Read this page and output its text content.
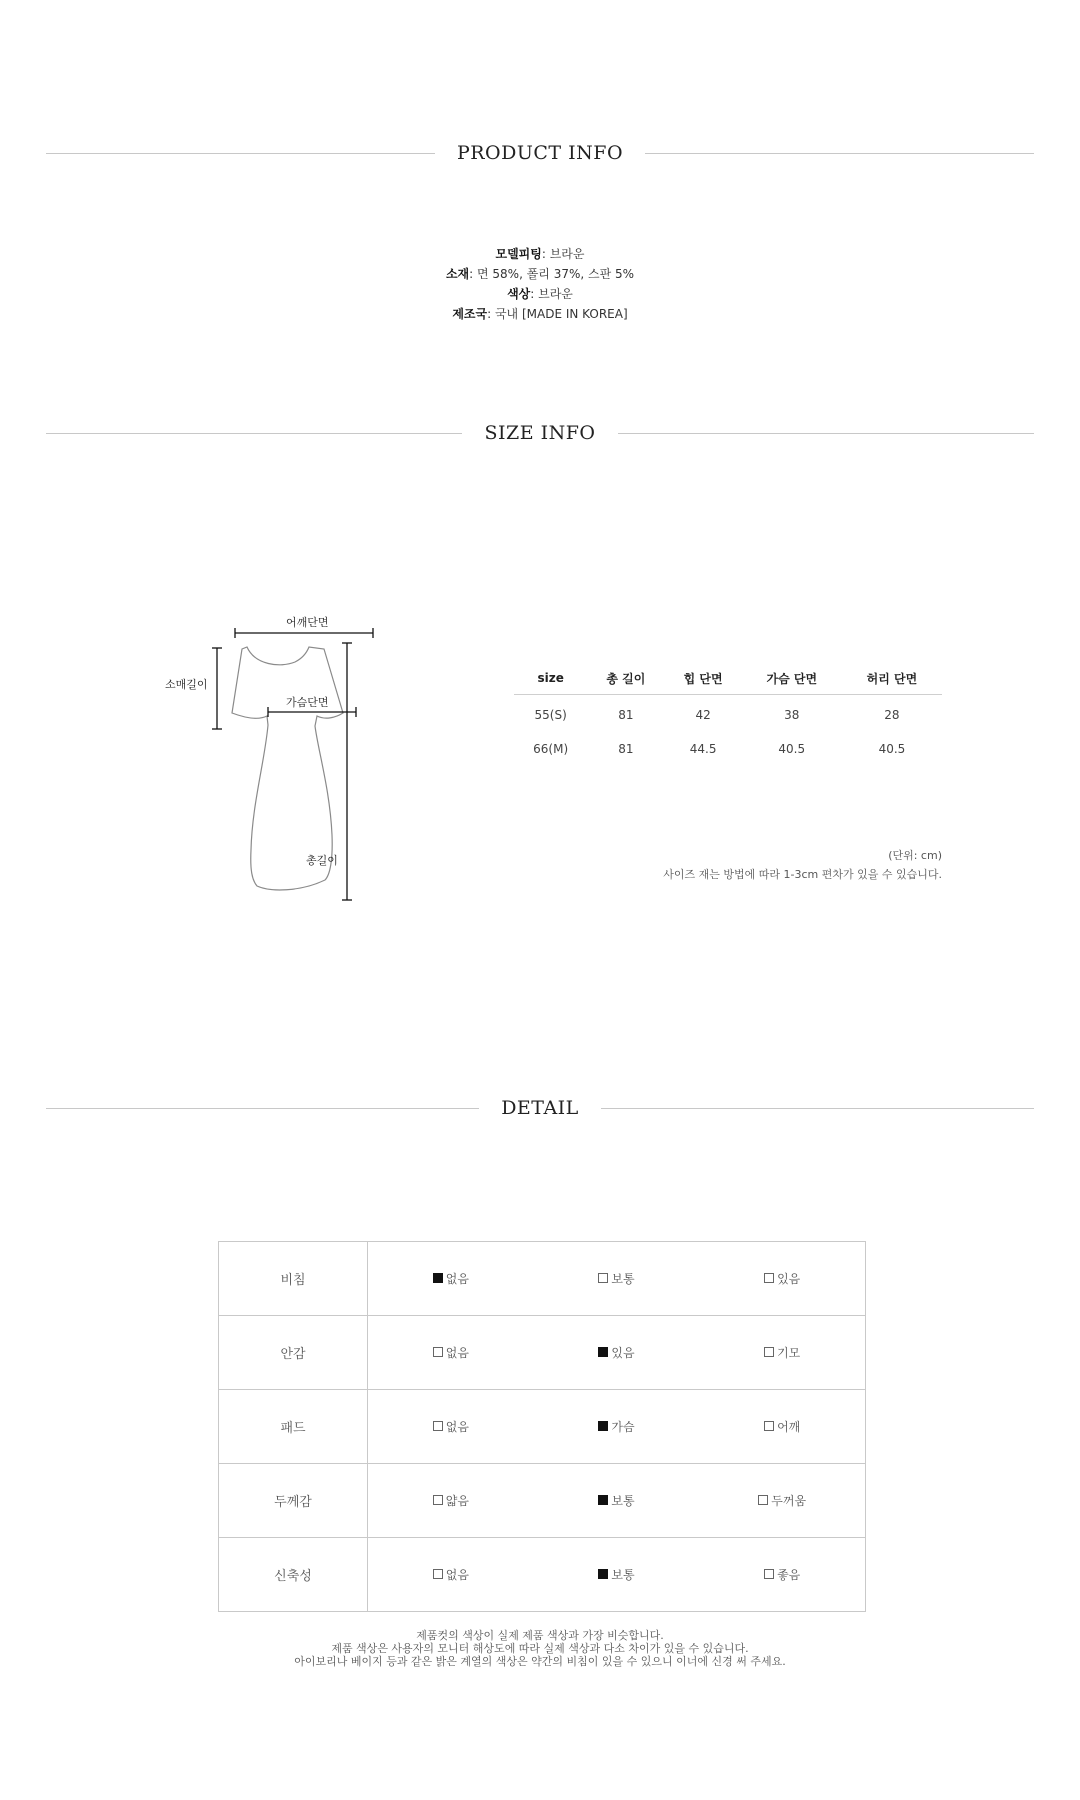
PRODUCT INFO
모델피팅: 브라운
소재: 면 58%, 폴리 37%, 스판 5%
색상: 브라운
제조국: 국내 [MADE IN KOREA]
SIZE INFO
어깨단면
소매길이
가슴단면
총길이
size	총 길이	힙 단면	가슴 단면	허리 단면
55(S)	81	42	38	28
66(M)	81	44.5	40.5	40.5
(단위: cm)
사이즈 재는 방법에 따라 1-3cm 편차가 있을 수 있습니다.
DETAIL
비침	없음 보통 있음

안감	없음 있음 기모

패드	없음 가슴 어깨

두께감	얇음 보통 두꺼움

신축성	없음 보통 좋음
제품컷의 색상이 실제 제품 색상과 가장 비슷합니다.
제품 색상은 사용자의 모니터 해상도에 따라 실제 색상과 다소 차이가 있을 수 있습니다.
아이보리나 베이지 등과 같은 밝은 계열의 색상은 약간의 비침이 있을 수 있으니 이너에 신경 써 주세요.
